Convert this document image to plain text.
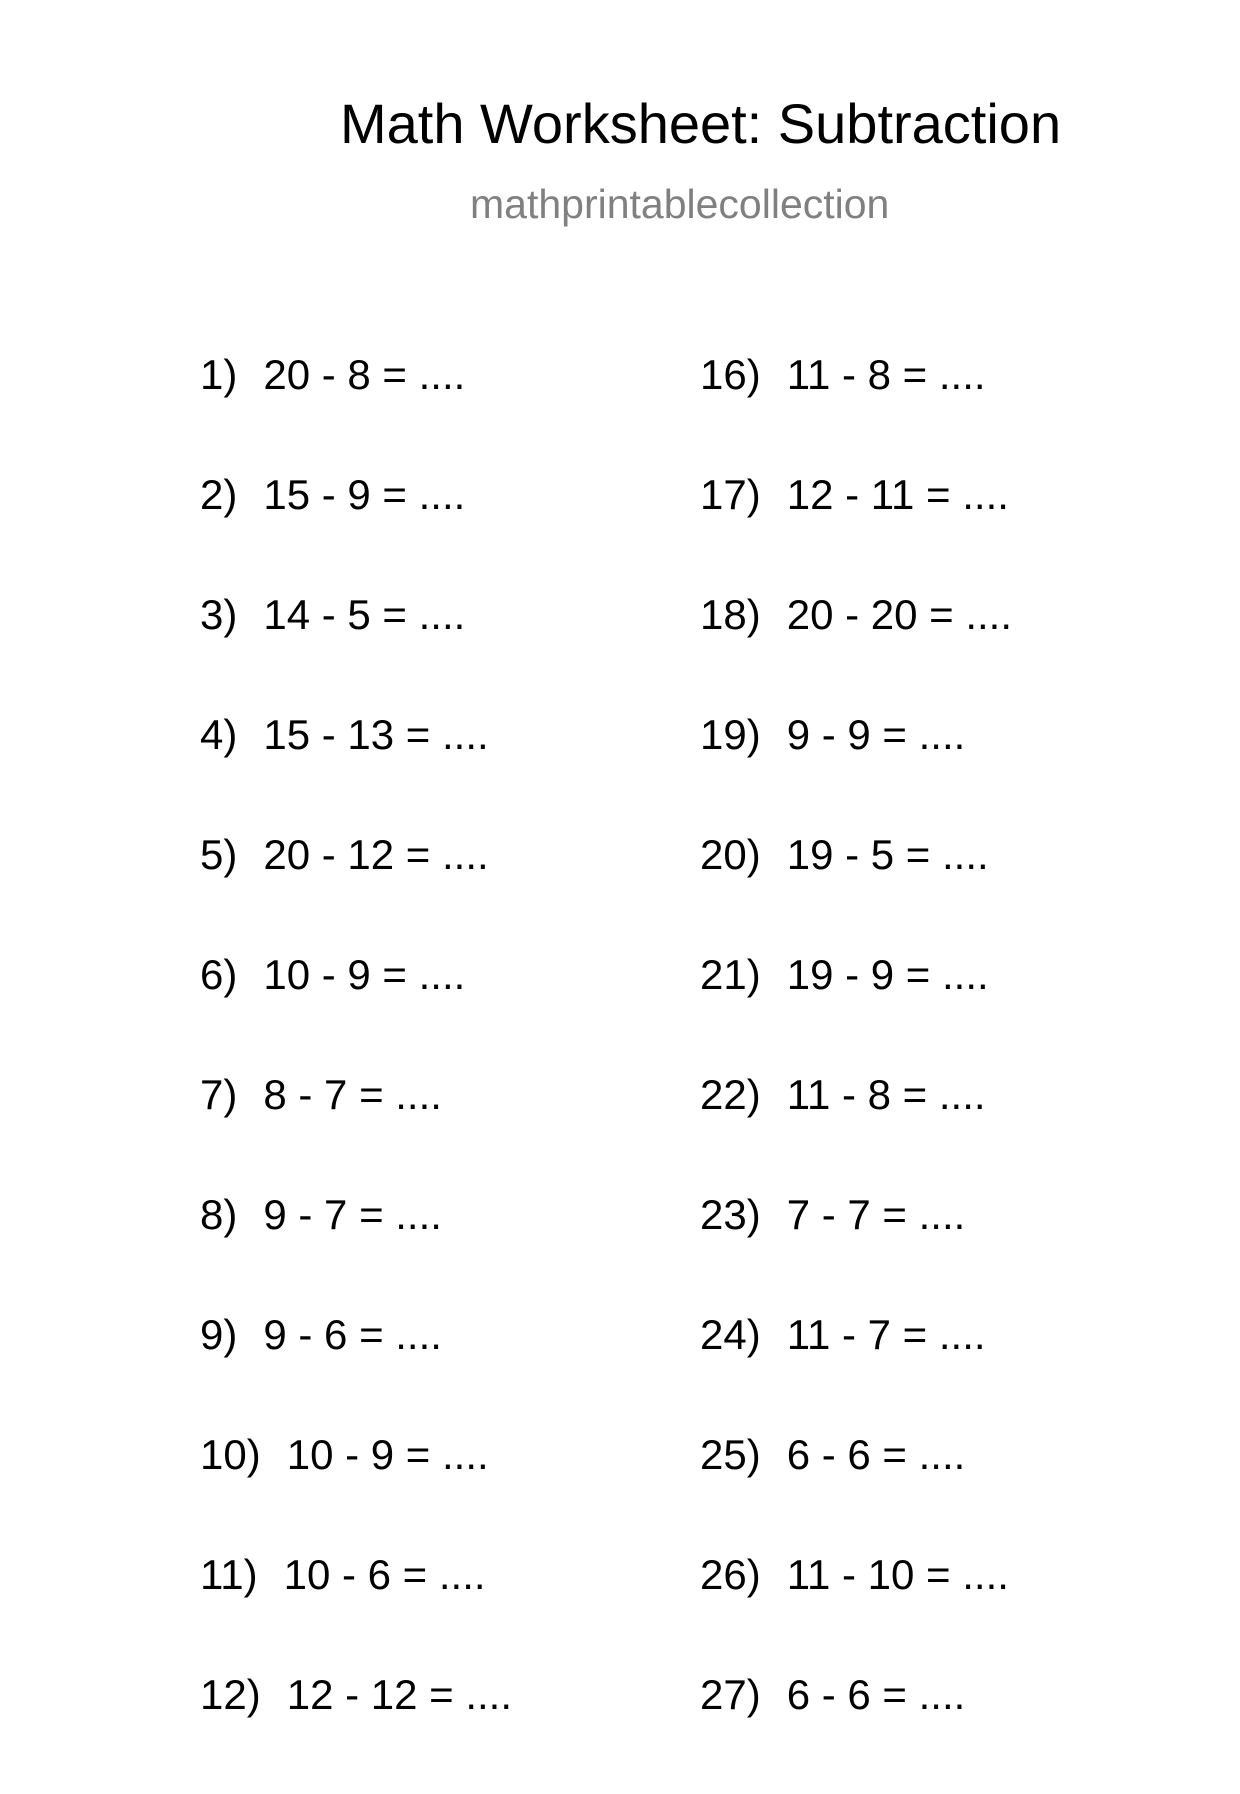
Math Worksheet: Subtraction
mathprintablecollection
1 ) 20 - 8 = ....
2 ) 15 - 9 = ....
3 ) 14 - 5 = ....
4 ) 15 - 13 = ....
5 ) 20 - 12 = ....
6 ) 10 - 9 = ....
7 ) 8 - 7 = ....
8 ) 9 - 7 = ....
9 ) 9 - 6 = ....
10 ) 10 - 9 = ....
11 ) 10 - 6 = ....
12 ) 12 - 12 = ....
16 ) 11 - 8 = ....
17 ) 12 - 11 = ....
18 ) 20 - 20 = ....
19 ) 9 - 9 = ....
20 ) 19 - 5 = ....
21 ) 19 - 9 = ....
22 ) 11 - 8 = ....
23 ) 7 - 7 = ....
24 ) 11 - 7 = ....
25 ) 6 - 6 = ....
26 ) 11 - 10 = ....
27 ) 6 - 6 = ....
